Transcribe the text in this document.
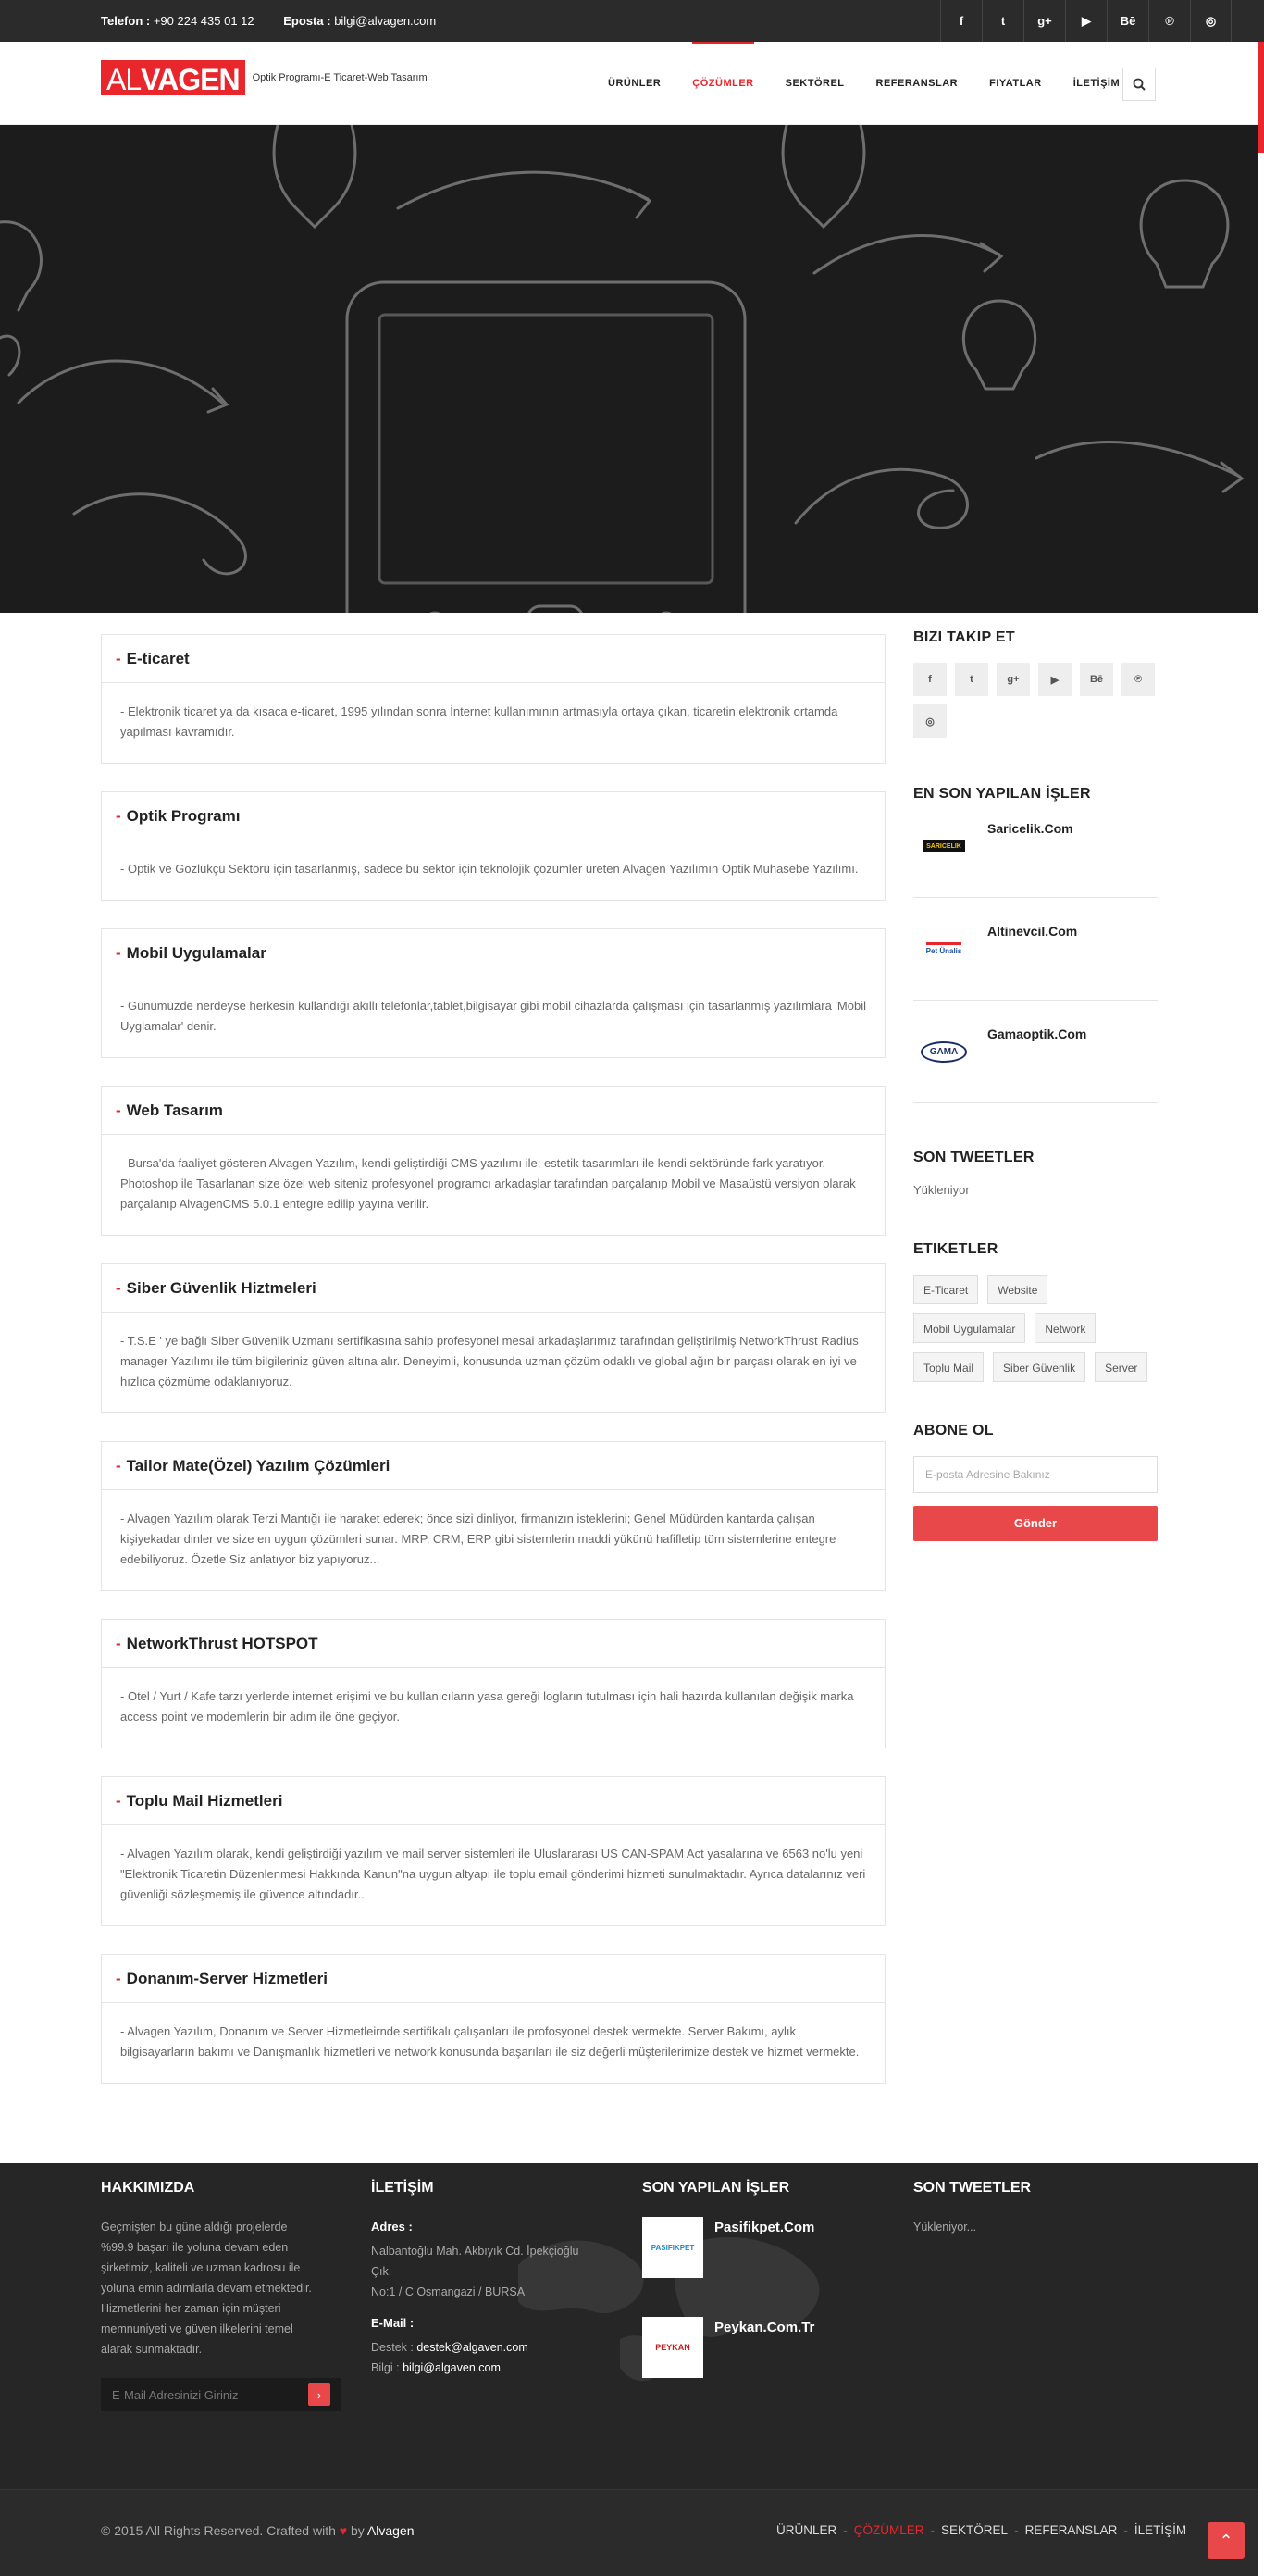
Telefon : +90 224 435 01 12 Eposta : bilgi@alvagen.com	f	t	g+	▶	Bē	℗	◎
ALVAGEN	Optik Programı-E Ticaret-Web Tasarım	ÜRÜNLER	ÇÖZÜMLER	SEKTÖREL	REFERANSLAR	FIYATLAR	İLETİŞİM
- E-ticaret
- Elektronik ticaret ya da kısaca e-ticaret, 1995 yılından sonra İnternet kullanımının artmasıyla ortaya çıkan, ticaretin elektronik ortamda yapılması kavramıdır.
- Optik Programı
- Optik ve Gözlükçü Sektörü için tasarlanmış, sadece bu sektör için teknolojik çözümler üreten Alvagen Yazılımın Optik Muhasebe Yazılımı.
- Mobil Uygulamalar
- Günümüzde nerdeyse herkesin kullandığı akıllı telefonlar,tablet,bilgisayar gibi mobil cihazlarda çalışması için tasarlanmış yazılımlara 'Mobil Uyglamalar' denir.
- Web Tasarım
- Bursa'da faaliyet gösteren Alvagen Yazılım, kendi geliştirdiği CMS yazılımı ile; estetik tasarımları ile kendi sektöründe fark yaratıyor. Photoshop ile Tasarlanan size özel web siteniz profesyonel programcı arkadaşlar tarafından parçalanıp Mobil ve Masaüstü versiyon olarak parçalanıp AlvagenCMS 5.0.1 entegre edilip yayına verilir.
- Siber Güvenlik Hiztmeleri
- T.S.E ' ye bağlı Siber Güvenlik Uzmanı sertifikasına sahip profesyonel mesai arkadaşlarımız tarafından geliştirilmiş NetworkThrust Radius manager Yazılımı ile tüm bilgileriniz güven altına alır. Deneyimli, konusunda uzman çözüm odaklı ve global ağın bir parçası olarak en iyi ve hızlıca çözmüme odaklanıyoruz.
- Tailor Mate(Özel) Yazılım Çözümleri
- Alvagen Yazılım olarak Terzi Mantığı ile haraket ederek; önce sizi dinliyor, firmanızın isteklerini; Genel Müdürden kantarda çalışan kişiyekadar dinler ve size en uygun çözümleri sunar. MRP, CRM, ERP gibi sistemlerin maddi yükünü hafifletip tüm sistemlerine entegre edebiliyoruz. Özetle Siz anlatıyor biz yapıyoruz...
- NetworkThrust HOTSPOT
- Otel / Yurt / Kafe tarzı yerlerde internet erişimi ve bu kullanıcıların yasa gereği logların tutulması için hali hazırda kullanılan değişik marka access point ve modemlerin bir adım ile öne geçiyor.
- Toplu Mail Hizmetleri
- Alvagen Yazılım olarak, kendi geliştirdiği yazılım ve mail server sistemleri ile Uluslararası US CAN-SPAM Act yasalarına ve 6563 no'lu yeni "Elektronik Ticaretin Düzenlenmesi Hakkında Kanun"na uygun altyapı ile toplu email gönderimi hizmeti sunulmaktadır. Ayrıca datalarınız veri güvenliği sözleşmemiş ile güvence altındadır..
- Donanım-Server Hizmetleri
- Alvagen Yazılım, Donanım ve Server Hizmetleirnde sertifikalı çalışanları ile profosyonel destek vermekte. Server Bakımı, aylık bilgisayarların bakımı ve Danışmanlık hizmetleri ve network konusunda başarıları ile siz değerli müşterilerimize destek ve hizmet vermekte.
BIZI TAKIP ET
f	t	g+	▶	Bē	℗
◎
EN SON YAPILAN İŞLER
SARICELIK
Saricelik.Com
Pet Ünalis
Altinevcil.Com
GAMA
Gamaoptik.Com
SON TWEETLER
Yükleniyor
ETIKETLER
E-Ticaret	Website
Mobil Uygulamalar	Network
Toplu Mail	Siber Güvenlik	Server
ABONE OL
E-posta Adresine Bakınız
Gönder
HAKKIMIZDA

Geçmişten bu güne aldığı projelerde %99.9 başarı ile yoluna devam eden şirketimiz, kaliteli ve uzman kadrosu ile yoluna emin adımlarla devam etmektedir. Hizmetlerini her zaman için müşteri memnuniyeti ve güven ilkelerini temel alarak sunmaktadır.

E-Mail Adresinizi Giriniz	›
İLETİŞİM

Adres :

Nalbantoğlu Mah. Akbıyık Cd. İpekçioğlu Çık.

No:1 / C Osmangazi / BURSA

E-Mail :

Destek : destek@algaven.com

Bilgi : bilgi@algaven.com

SON YAPILAN İŞLER
PASIFIKPET
Pasifikpet.Com
PEYKAN
Peykan.Com.Tr
SON TWEETLER

Yükleniyor...

© 2015 All Rights Reserved. Crafted with ♥ by Alvagen	ÜRÜNLER - ÇÖZÜMLER - SEKTÖREL - REFERANSLAR - İLETİŞİM
⌃
